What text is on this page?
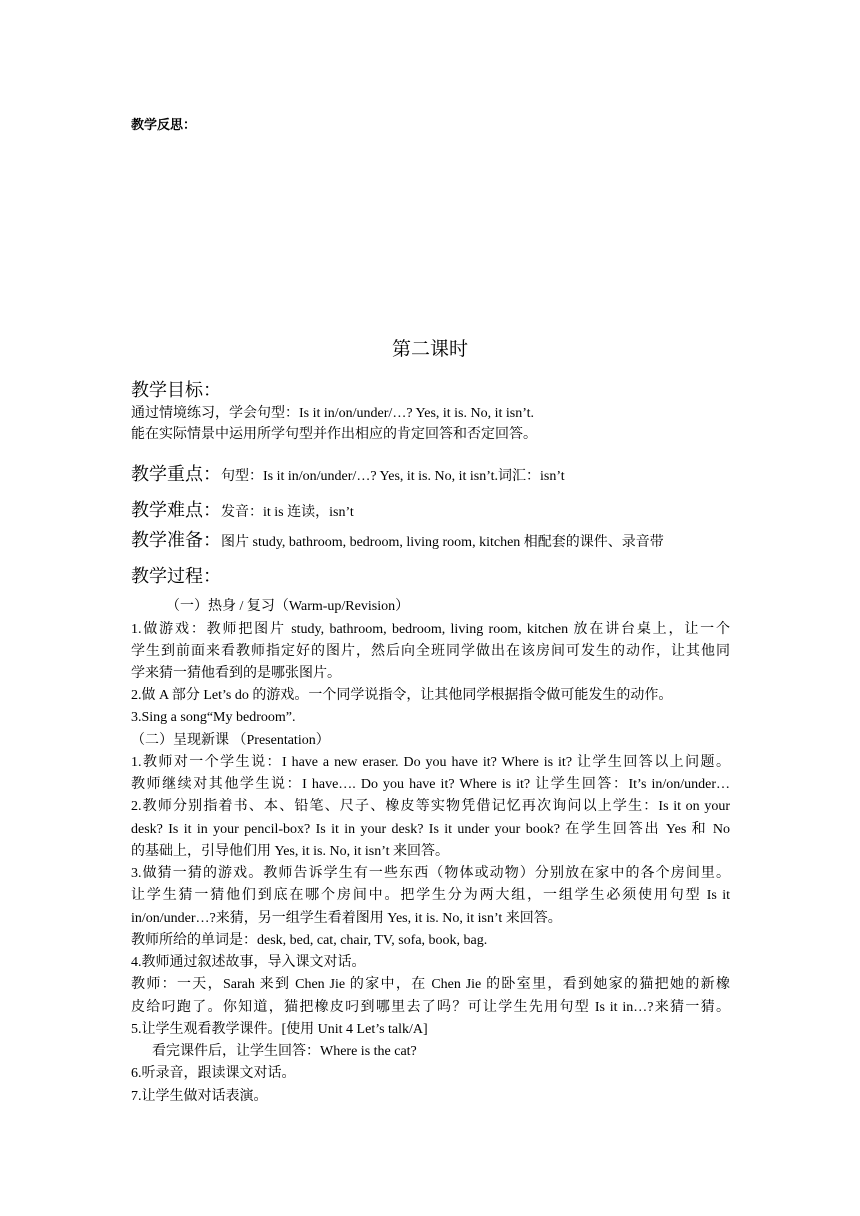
教学反思：
第二课时
教学目标：
通过情境练习，学会句型：Is it in/on/under/…? Yes, it is. No, it isn’t.
能在实际情景中运用所学句型并作出相应的肯定回答和否定回答。
教学重点：句型：Is it in/on/under/…? Yes, it is. No, it isn’t.词汇：isn’t
教学难点：发音：it is 连读，isn’t
教学准备：图片 study, bathroom, bedroom, living room, kitchen 相配套的课件、录音带
教学过程：
（一）热身 / 复习（Warm-up/Revision）
1.做游戏：教师把图片 study, bathroom, bedroom, living room, kitchen 放在讲台桌上，让一个
学生到前面来看教师指定好的图片，然后向全班同学做出在该房间可发生的动作，让其他同
学来猜一猜他看到的是哪张图片。
2.做 A 部分 Let’s do 的游戏。一个同学说指令，让其他同学根据指令做可能发生的动作。
3.Sing a song“My bedroom”.
（二）呈现新课 （Presentation）
1.教师对一个学生说：I have a new eraser. Do you have it? Where is it? 让学生回答以上问题。
教师继续对其他学生说：I have…. Do you have it? Where is it? 让学生回答：It’s in/on/under…
2.教师分别指着书、本、铅笔、尺子、橡皮等实物凭借记忆再次询问以上学生：Is it on your
desk? Is it in your pencil-box? Is it in your desk? Is it under your book? 在学生回答出 Yes 和 No
的基础上，引导他们用 Yes, it is. No, it isn’t 来回答。
3.做猜一猜的游戏。教师告诉学生有一些东西（物体或动物）分别放在家中的各个房间里。
让学生猜一猜他们到底在哪个房间中。把学生分为两大组，一组学生必须使用句型 Is it
in/on/under…?来猜，另一组学生看着图用 Yes, it is. No, it isn’t 来回答。
教师所给的单词是：desk, bed, cat, chair, TV, sofa, book, bag.
4.教师通过叙述故事，导入课文对话。
教师：一天，Sarah 来到 Chen Jie 的家中，在 Chen Jie 的卧室里，看到她家的猫把她的新橡
皮给叼跑了。你知道，猫把橡皮叼到哪里去了吗？可让学生先用句型 Is it in…?来猜一猜。
5.让学生观看教学课件。[使用 Unit 4 Let’s talk/A]
看完课件后，让学生回答：Where is the cat?
6.听录音，跟读课文对话。
7.让学生做对话表演。
